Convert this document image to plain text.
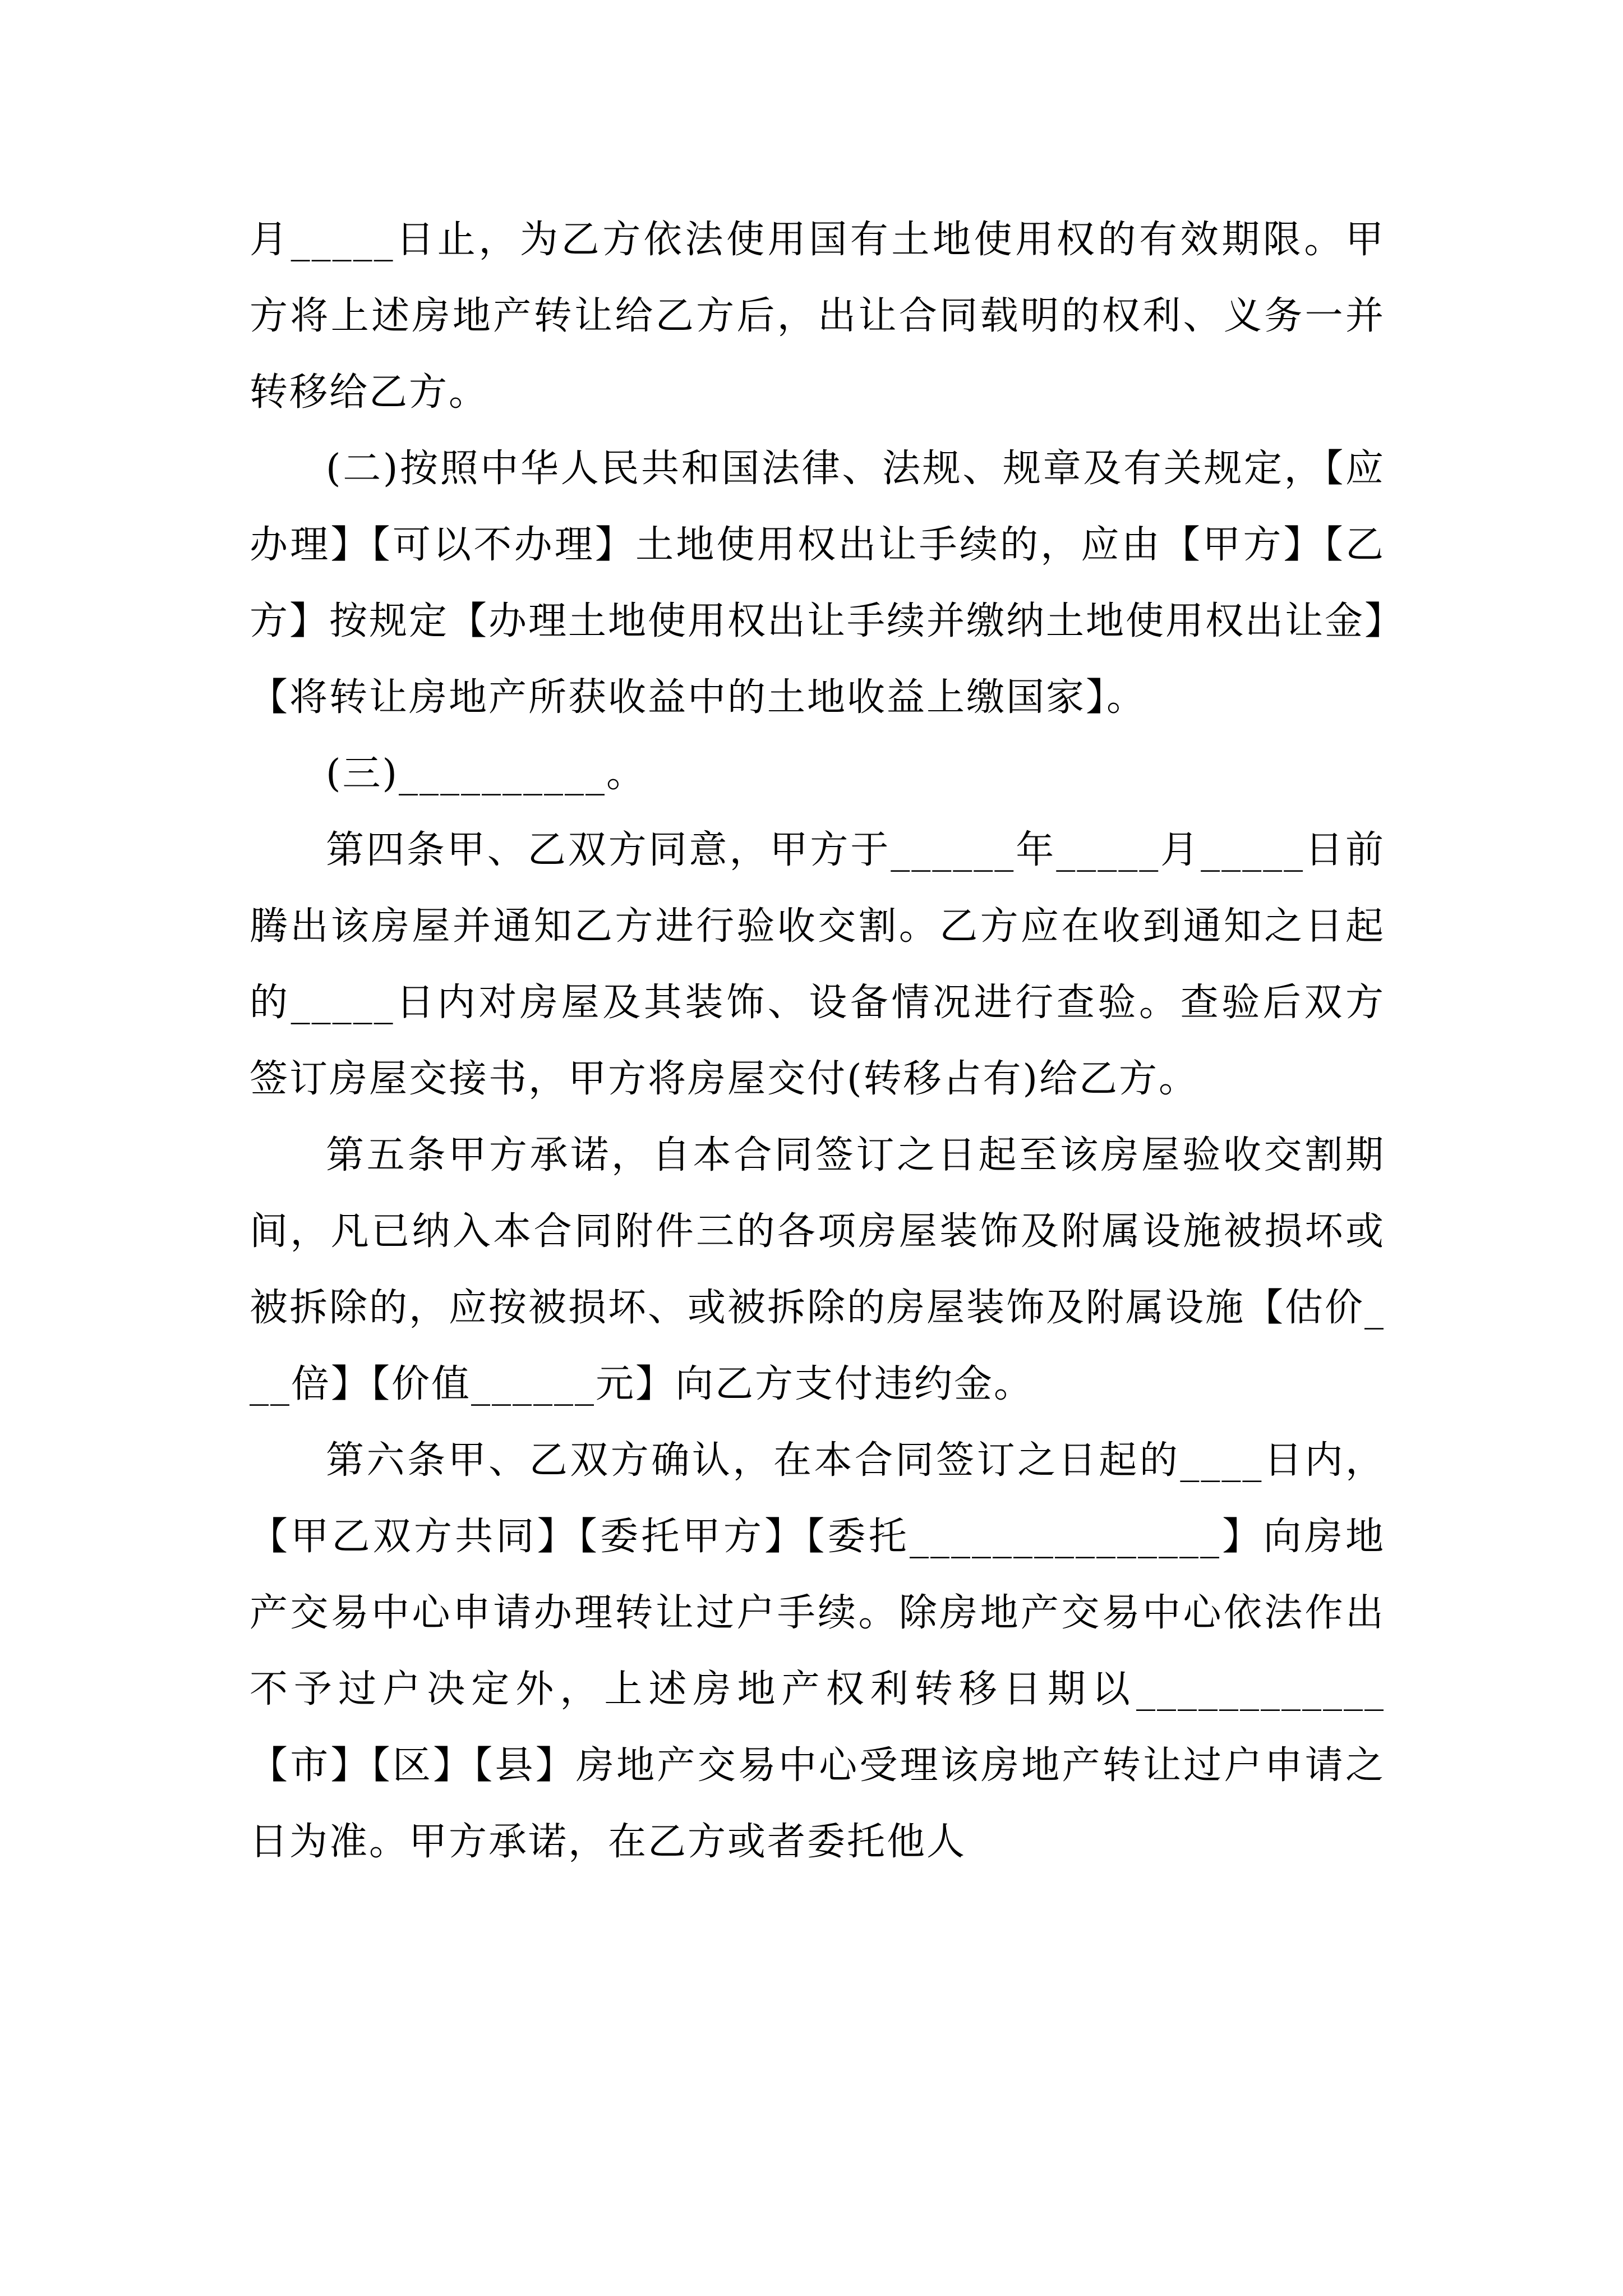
月_____日止，为乙方依法使用国有土地使用权的有效期限。甲方将上述房地产转让给乙方后，出让合同载明的权利、义务一并转移给乙方。

(二)按照中华人民共和国法律、法规、规章及有关规定，【应办理】【可以不办理】土地使用权出让手续的，应由【甲方】【乙方】按规定【办理土地使用权出让手续并缴纳土地使用权出让金】【将转让房地产所获收益中的土地收益上缴国家】。

(三)__________。

第四条甲、乙双方同意，甲方于______年_____月_____日前腾出该房屋并通知乙方进行验收交割。乙方应在收到通知之日起的_____日内对房屋及其装饰、设备情况进行查验。查验后双方签订房屋交接书，甲方将房屋交付(转移占有)给乙方。

第五条甲方承诺，自本合同签订之日起至该房屋验收交割期间，凡已纳入本合同附件三的各项房屋装饰及附属设施被损坏或被拆除的，应按被损坏、或被拆除的房屋装饰及附属设施【估价___倍】【价值______元】向乙方支付违约金。

第六条甲、乙双方确认，在本合同签订之日起的____日内，【甲乙双方共同】【委托甲方】【委托_______________】向房地产交易中心申请办理转让过户手续。除房地产交易中心依法作出不予过户决定外，上述房地产权利转移日期以____________【市】【区】【县】房地产交易中心受理该房地产转让过户申请之日为准。甲方承诺，在乙方或者委托他人
